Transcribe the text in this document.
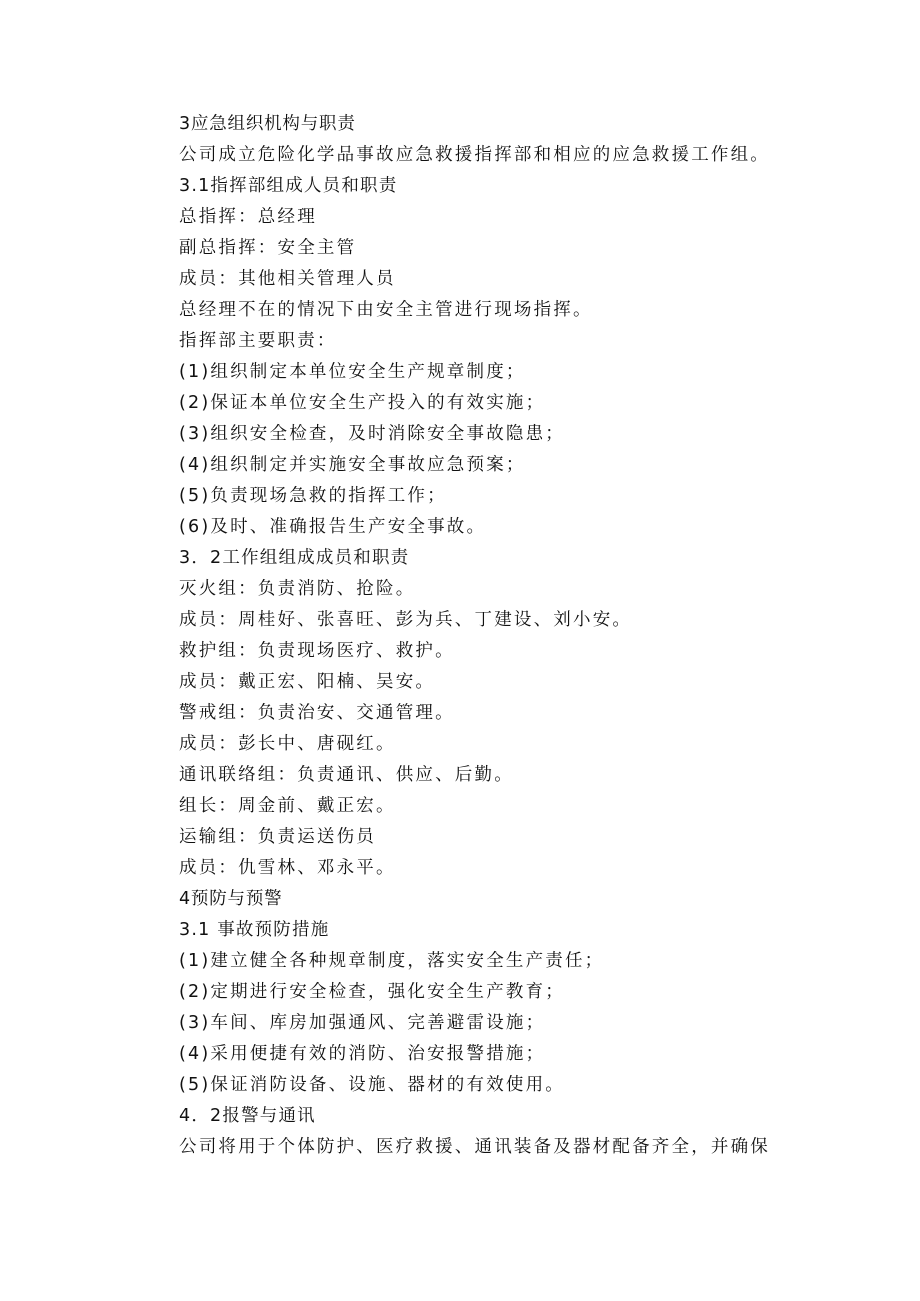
3应急组织机构与职责
公司成立危险化学品事故应急救援指挥部和相应的应急救援工作组。
3.1指挥部组成人员和职责
总指挥：总经理
副总指挥：安全主管
成员：其他相关管理人员
总经理不在的情况下由安全主管进行现场指挥。
指挥部主要职责：
(1)组织制定本单位安全生产规章制度；
(2)保证本单位安全生产投入的有效实施；
(3)组织安全检查，及时消除安全事故隐患；
(4)组织制定并实施安全事故应急预案；
(5)负责现场急救的指挥工作；
(6)及时、准确报告生产安全事故。
3．2工作组组成成员和职责
灭火组：负责消防、抢险。
成员：周桂好、张喜旺、彭为兵、丁建设、刘小安。
救护组：负责现场医疗、救护。
成员：戴正宏、阳楠、吴安。
警戒组：负责治安、交通管理。
成员：彭长中、唐砚红。
通讯联络组：负责通讯、供应、后勤。
组长：周金前、戴正宏。
运输组：负责运送伤员
成员：仇雪林、邓永平。
4预防与预警
3.1 事故预防措施
(1)建立健全各种规章制度，落实安全生产责任；
(2)定期进行安全检查，强化安全生产教育；
(3)车间、库房加强通风、完善避雷设施；
(4)采用便捷有效的消防、治安报警措施；
(5)保证消防设备、设施、器材的有效使用。
4．2报警与通讯
公司将用于个体防护、医疗救援、通讯装备及器材配备齐全，并确保
